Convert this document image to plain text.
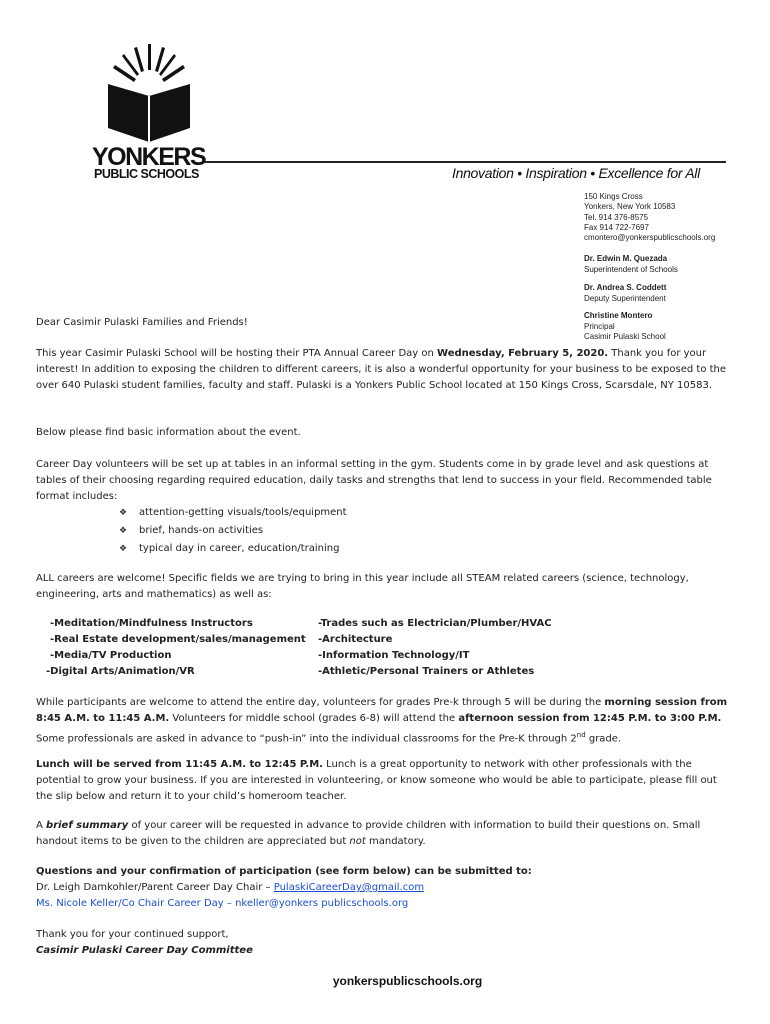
YONKERS
PUBLIC SCHOOLS	Innovation • Inspiration • Excellence for All
150 Kings Cross
Yonkers, New York 10583
Tel. 914 376-8575
Fax 914 722-7697
cmontero@yonkerspublicschools.org
Dr. Edwin M. Quezada
Superintendent of Schools
Dr. Andrea S. Coddett
Deputy Superintendent
Christine Montero
Principal
Casimir Pulaski School
Dear Casimir Pulaski Families and Friends!
This year Casimir Pulaski School will be hosting their PTA Annual Career Day on Wednesday, February 5, 2020. Thank you for your interest! In addition to exposing the children to different careers, it is also a wonderful opportunity for your business to be exposed to the over 640 Pulaski student families, faculty and staff. Pulaski is a Yonkers Public School located at 150 Kings Cross, Scarsdale, NY 10583.
Below please find basic information about the event.
Career Day volunteers will be set up at tables in an informal setting in the gym. Students come in by grade level and ask questions at tables of their choosing regarding required education, daily tasks and strengths that lend to success in your field. Recommended table format includes:
❖ attention-getting visuals/tools/equipment
❖ brief, hands-on activities
❖ typical day in career, education/training
ALL careers are welcome! Specific fields we are trying to bring in this year include all STEAM related careers (science, technology, engineering, arts and mathematics) as well as:
-Meditation/Mindfulness Instructors
-Real Estate development/sales/management
-Media/TV Production
-Digital Arts/Animation/VR
-Trades such as Electrician/Plumber/HVAC
-Architecture
-Information Technology/IT
-Athletic/Personal Trainers or Athletes
While participants are welcome to attend the entire day, volunteers for grades Pre-k through 5 will be during the morning session from 8:45 A.M. to 11:45 A.M. Volunteers for middle school (grades 6-8) will attend the afternoon session from 12:45 P.M. to 3:00 P.M. Some professionals are asked in advance to “push-in” into the individual classrooms for the Pre-K through 2nd grade.
Lunch will be served from 11:45 A.M. to 12:45 P.M. Lunch is a great opportunity to network with other professionals with the potential to grow your business. If you are interested in volunteering, or know someone who would be able to participate, please fill out the slip below and return it to your child’s homeroom teacher.
A brief summary of your career will be requested in advance to provide children with information to build their questions on. Small handout items to be given to the children are appreciated but not mandatory.
Questions and your confirmation of participation (see form below) can be submitted to:
Dr. Leigh Damkohler/Parent Career Day Chair – PulaskiCareerDay@gmail.com
Ms. Nicole Keller/Co Chair Career Day – nkeller@yonkers publicschools.org
Thank you for your continued support,
Casimir Pulaski Career Day Committee
yonkerspublicschools.org
